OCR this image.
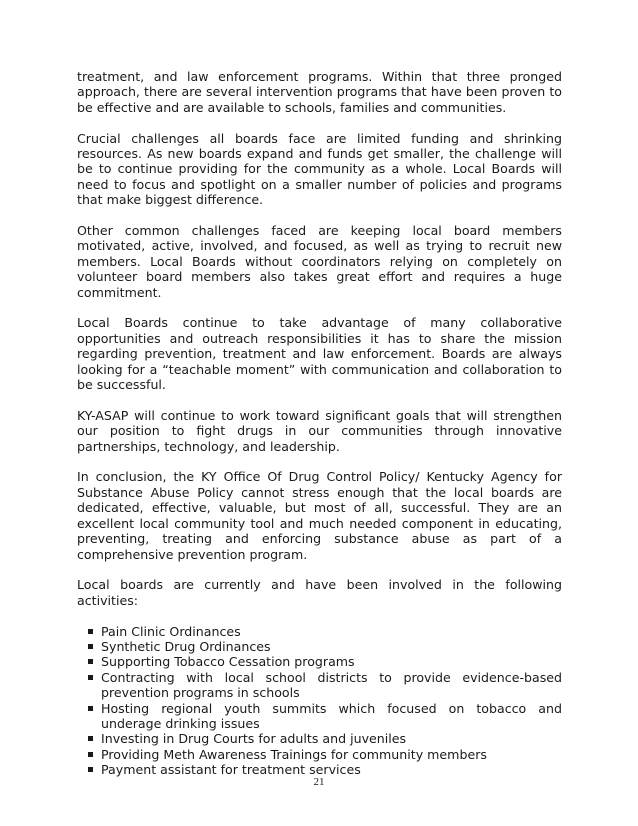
treatment, and law enforcement programs. Within that three pronged approach, there are several intervention programs that have been proven to be effective and are available to schools, families and communities.

Crucial challenges all boards face are limited funding and shrinking resources. As new boards expand and funds get smaller, the challenge will be to continue providing for the community as a whole. Local Boards will need to focus and spotlight on a smaller number of policies and programs that make biggest difference.

Other common challenges faced are keeping local board members motivated, active, involved, and focused, as well as trying to recruit new members. Local Boards without coordinators relying on completely on volunteer board members also takes great effort and requires a huge commitment.

Local Boards continue to take advantage of many collaborative opportunities and outreach responsibilities it has to share the mission regarding prevention, treatment and law enforcement. Boards are always looking for a “teachable moment” with communication and collaboration to be successful.

KY-ASAP will continue to work toward significant goals that will strengthen our position to fight drugs in our communities through innovative partnerships, technology, and leadership.

In conclusion, the KY Office Of Drug Control Policy/ Kentucky Agency for Substance Abuse Policy cannot stress enough that the local boards are dedicated, effective, valuable, but most of all, successful. They are an excellent local community tool and much needed component in educating, preventing, treating and enforcing substance abuse as part of a comprehensive prevention program.

Local boards are currently and have been involved in the following activities:

Pain Clinic Ordinances
Synthetic Drug Ordinances
Supporting Tobacco Cessation programs
Contracting with local school districts to provide evidence-based prevention programs in schools
Hosting regional youth summits which focused on tobacco and underage drinking issues
Investing in Drug Courts for adults and juveniles
Providing Meth Awareness Trainings for community members
Payment assistant for treatment services
21
